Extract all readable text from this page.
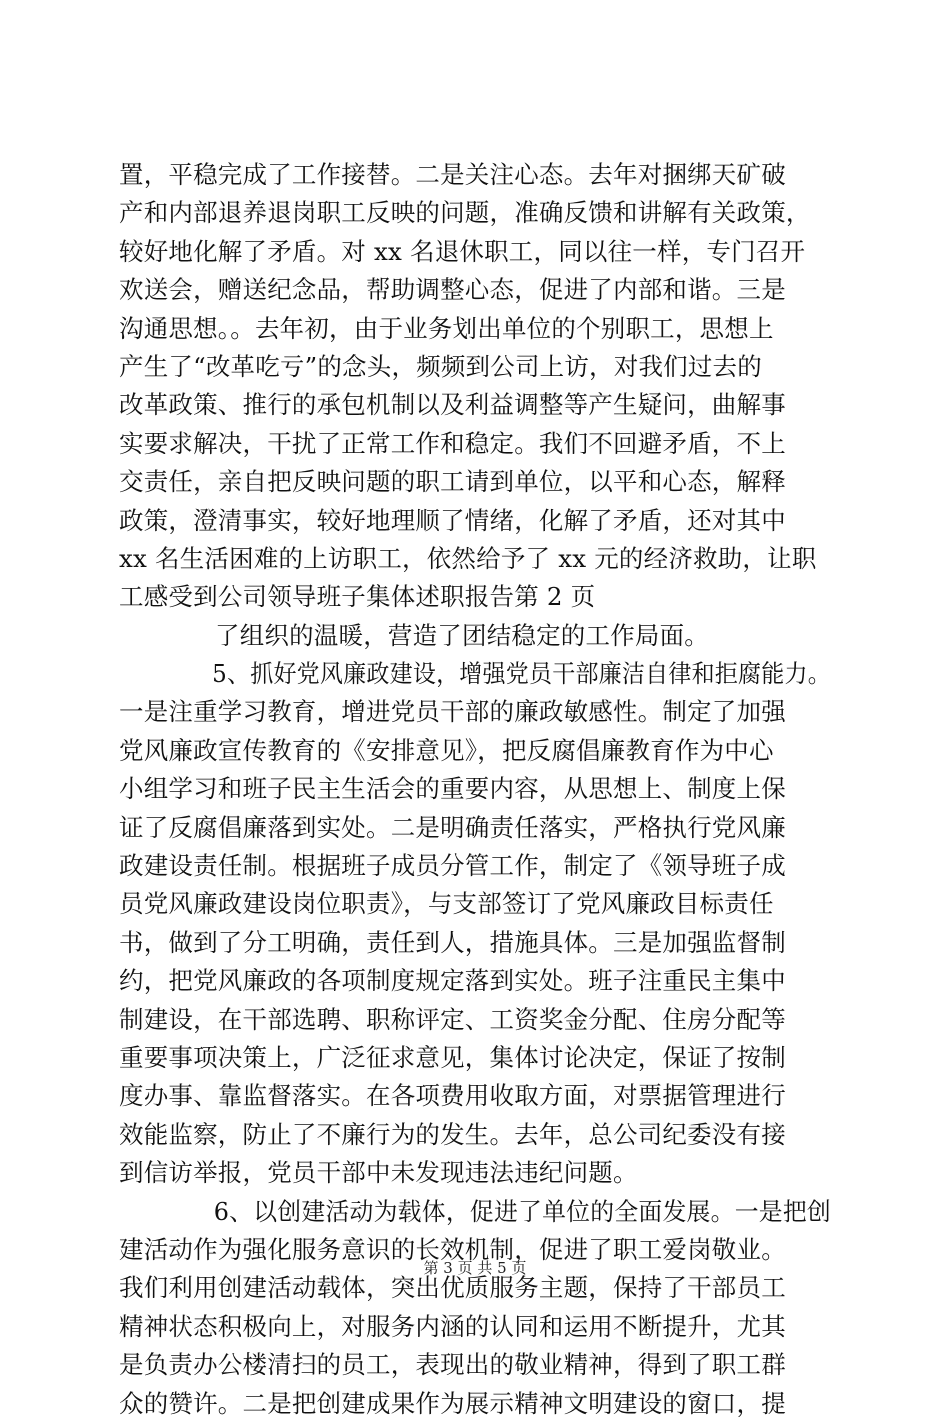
置，平稳完成了工作接替。二是关注心态。去年对捆绑天矿破
产和内部退养退岗职工反映的问题，准确反馈和讲解有关政策，
较好地化解了矛盾。对 xx 名退休职工，同以往一样，专门召开
欢送会，赠送纪念品，帮助调整心态，促进了内部和谐。三是
沟通思想。。去年初，由于业务划出单位的个别职工，思想上
产生了“改革吃亏”的念头，频频到公司上访，对我们过去的
改革政策、推行的承包机制以及利益调整等产生疑问，曲解事
实要求解决，干扰了正常工作和稳定。我们不回避矛盾，不上
交责任，亲自把反映问题的职工请到单位，以平和心态，解释
政策，澄清事实，较好地理顺了情绪，化解了矛盾，还对其中
xx 名生活困难的上访职工，依然给予了 xx 元的经济救助，让职
工感受到公司领导班子集体述职报告第 2 页
了组织的温暖，营造了团结稳定的工作局面。
5、抓好党风廉政建设，增强党员干部廉洁自律和拒腐能力。
一是注重学习教育，增进党员干部的廉政敏感性。制定了加强
党风廉政宣传教育的《安排意见》，把反腐倡廉教育作为中心
小组学习和班子民主生活会的重要内容，从思想上、制度上保
证了反腐倡廉落到实处。二是明确责任落实，严格执行党风廉
政建设责任制。根据班子成员分管工作，制定了《领导班子成
员党风廉政建设岗位职责》，与支部签订了党风廉政目标责任
书，做到了分工明确，责任到人，措施具体。三是加强监督制
约，把党风廉政的各项制度规定落到实处。班子注重民主集中
制建设，在干部选聘、职称评定、工资奖金分配、住房分配等
重要事项决策上，广泛征求意见，集体讨论决定，保证了按制
度办事、靠监督落实。在各项费用收取方面，对票据管理进行
效能监察，防止了不廉行为的发生。去年，总公司纪委没有接
到信访举报，党员干部中未发现违法违纪问题。
6、以创建活动为载体，促进了单位的全面发展。一是把创
建活动作为强化服务意识的长效机制，促进了职工爱岗敬业。
我们利用创建活动载体，突出优质服务主题，保持了干部员工
精神状态积极向上，对服务内涵的认同和运用不断提升，尤其
是负责办公楼清扫的员工，表现出的敬业精神，得到了职工群
众的赞许。二是把创建成果作为展示精神文明建设的窗口，提
第 3 页 共 5 页
